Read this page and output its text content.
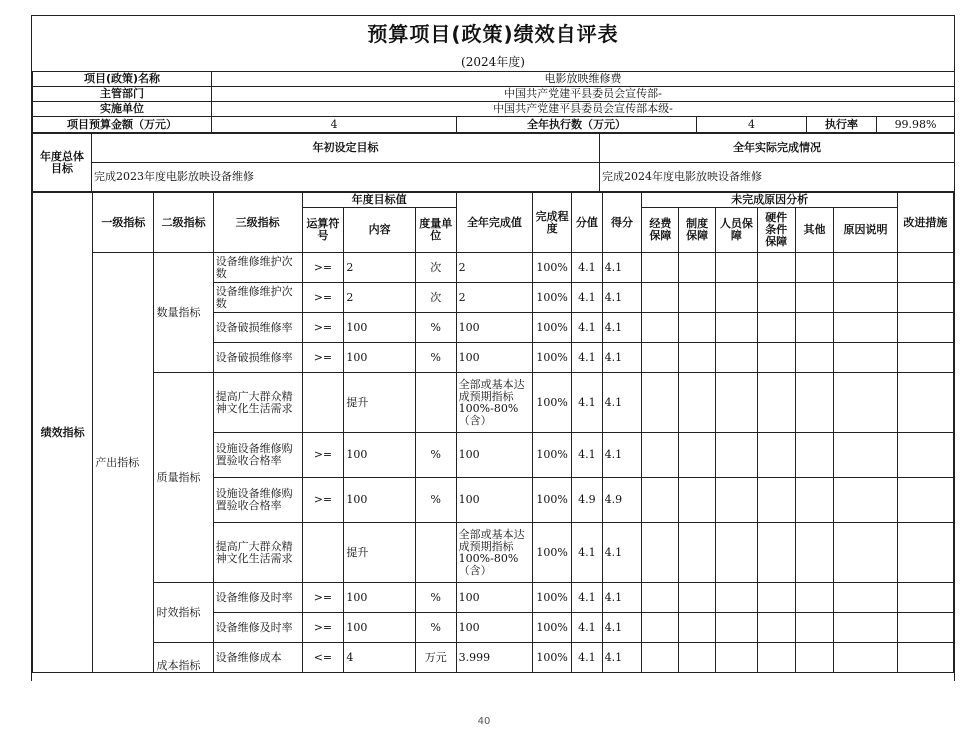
预算项目(政策)绩效自评表
(2024年度)
项目(政策)名称	电影放映维修费				
主管部门	中国共产党建平县委员会宣传部-				
实施单位	中国共产党建平县委员会宣传部本级-				
项目预算金额（万元）	4	全年执行数（万元）	4	执行率	99.98%
年度总体目标	年初设定目标	全年实际完成情况
	完成2023年度电影放映设备维修	完成2024年度电影放映设备维修
绩效指标	一级指标	二级指标	三级指标	年度目标值			全年完成值	完成程度	分值	得分	未完成原因分析						改进措施
				运算符号	内容	度量单位					经费保障	制度保障	人员保障	硬件条件保障	其他	原因说明	
	产出指标	数量指标	设备维修维护次数	>=	2	次	2	100%	4.1	4.1							
			设备维修维护次数	>=	2	次	2	100%	4.1	4.1							
			设备破损维修率	>=	100	%	100	100%	4.1	4.1							
			设备破损维修率	>=	100	%	100	100%	4.1	4.1							
		质量指标	提高广大群众精神文化生活需求		提升		全部或基本达成预期指标100%-80%（含）	100%	4.1	4.1							
			设施设备维修购置验收合格率	>=	100	%	100	100%	4.1	4.1							
			设施设备维修购置验收合格率	>=	100	%	100	100%	4.9	4.9							
			提高广大群众精神文化生活需求		提升		全部或基本达成预期指标100%-80%（含）	100%	4.1	4.1							
		时效指标	设备维修及时率	>=	100	%	100	100%	4.1	4.1							
			设备维修及时率	>=	100	%	100	100%	4.1	4.1							
		成本指标	设备维修成本	<=	4	万元	3.999	100%	4.1	4.1							
40
